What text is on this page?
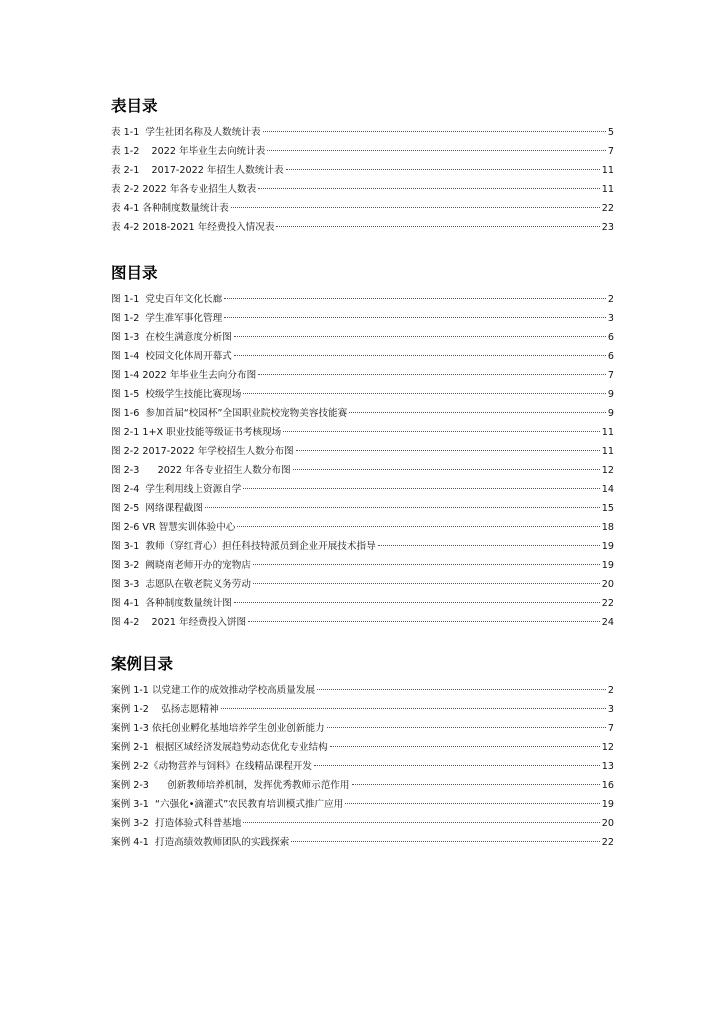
表目录
表 1-1  学生社团名称及人数统计表	5
表 1-2    2022 年毕业生去向统计表	7
表 2-1    2017-2022 年招生人数统计表	11
表 2-2 2022 年各专业招生人数表	11
表 4-1 各种制度数量统计表	22
表 4-2 2018-2021 年经费投入情况表	23
图目录
图 1-1  党史百年文化长廊	2
图 1-2  学生准军事化管理	3
图 1-3  在校生满意度分析图	6
图 1-4  校园文化体周开幕式	6
图 1-4 2022 年毕业生去向分布图	7
图 1-5  校级学生技能比赛现场	9
图 1-6  参加首届“校园杯”全国职业院校宠物美容技能赛	9
图 2-1 1+X 职业技能等级证书考核现场	11
图 2-2 2017-2022 年学校招生人数分布图	11
图 2-3      2022 年各专业招生人数分布图	12
图 2-4  学生利用线上资源自学	14
图 2-5  网络课程截图	15
图 2-6 VR 智慧实训体验中心	18
图 3-1  教师（穿红背心）担任科技特派员到企业开展技术指导	19
图 3-2  阙晓南老师开办的宠物店	19
图 3-3  志愿队在敬老院义务劳动	20
图 4-1  各种制度数量统计图	22
图 4-2    2021 年经费投入饼图	24
案例目录
案例 1-1 以党建工作的成效推动学校高质量发展	2
案例 1-2    弘扬志愿精神	3
案例 1-3 依托创业孵化基地培养学生创业创新能力	7
案例 2-1  根据区域经济发展趋势动态优化专业结构	12
案例 2-2《动物营养与饲料》在线精品课程开发	13
案例 2-3      创新教师培养机制，发挥优秀教师示范作用	16
案例 3-1  “六强化•滴灌式”农民教育培训模式推广应用	19
案例 3-2  打造体验式科普基地	20
案例 4-1  打造高绩效教师团队的实践探索	22
